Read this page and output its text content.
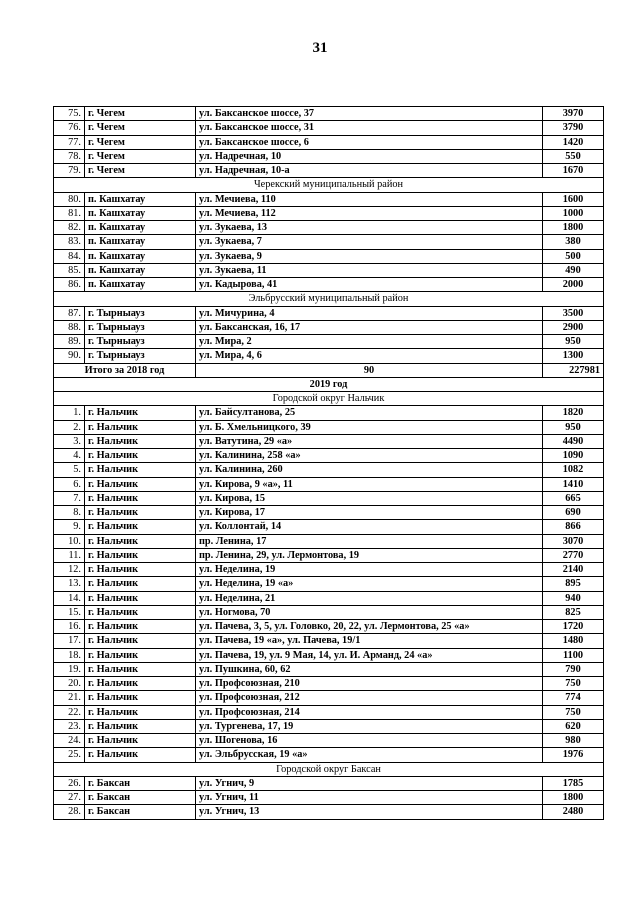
31
75.	г. Чегем	ул. Баксанское шоссе, 37	3970
76.	г. Чегем	ул. Баксанское шоссе, 31	3790
77.	г. Чегем	ул. Баксанское шоссе, 6	1420
78.	г. Чегем	ул. Надречная, 10	550
79.	г. Чегем	ул. Надречная, 10-а	1670
Черекский муниципальный район			
80.	п. Кашхатау	ул. Мечиева, 110	1600
81.	п. Кашхатау	ул. Мечиева, 112	1000
82.	п. Кашхатау	ул. Зукаева, 13	1800
83.	п. Кашхатау	ул. Зукаева, 7	380
84.	п. Кашхатау	ул. Зукаева, 9	500
85.	п. Кашхатау	ул. Зукаева, 11	490
86.	п. Кашхатау	ул. Кадырова, 41	2000
Эльбрусский муниципальный район			
87.	г. Тырныауз	ул. Мичурина, 4	3500
88.	г. Тырныауз	ул. Баксанская, 16, 17	2900
89.	г. Тырныауз	ул. Мира, 2	950
90.	г. Тырныауз	ул. Мира, 4, 6	1300
Итого за 2018 год		90	227981
2019 год			
Городской округ Нальчик			
1.	г. Нальчик	ул. Байсултанова, 25	1820
2.	г. Нальчик	ул. Б. Хмельницкого, 39	950
3.	г. Нальчик	ул. Ватутина, 29 «а»	4490
4.	г. Нальчик	ул. Калинина, 258 «а»	1090
5.	г. Нальчик	ул. Калинина, 260	1082
6.	г. Нальчик	ул. Кирова, 9 «а», 11	1410
7.	г. Нальчик	ул. Кирова, 15	665
8.	г. Нальчик	ул. Кирова, 17	690
9.	г. Нальчик	ул. Коллонтай, 14	866
10.	г. Нальчик	пр. Ленина, 17	3070
11.	г. Нальчик	пр. Ленина, 29, ул. Лермонтова, 19	2770
12.	г. Нальчик	ул. Неделина, 19	2140
13.	г. Нальчик	ул. Неделина, 19 «а»	895
14.	г. Нальчик	ул. Неделина, 21	940
15.	г. Нальчик	ул. Ногмова, 70	825
16.	г. Нальчик	ул. Пачева, 3, 5, ул. Головко, 20, 22, ул. Лермонтова, 25 «а»	1720
17.	г. Нальчик	ул. Пачева, 19 «а», ул. Пачева, 19/1	1480
18.	г. Нальчик	ул. Пачева, 19, ул. 9 Мая, 14, ул. И. Арманд, 24 «а»	1100
19.	г. Нальчик	ул. Пушкина, 60, 62	790
20.	г. Нальчик	ул. Профсоюзная, 210	750
21.	г. Нальчик	ул. Профсоюзная, 212	774
22.	г. Нальчик	ул. Профсоюзная, 214	750
23.	г. Нальчик	ул. Тургенева, 17, 19	620
24.	г. Нальчик	ул. Шогенова, 16	980
25.	г. Нальчик	ул. Эльбрусская, 19 «а»	1976
Городской округ Баксан			
26.	г. Баксан	ул. Угнич, 9	1785
27.	г. Баксан	ул. Угнич, 11	1800
28.	г. Баксан	ул. Угнич, 13	2480
